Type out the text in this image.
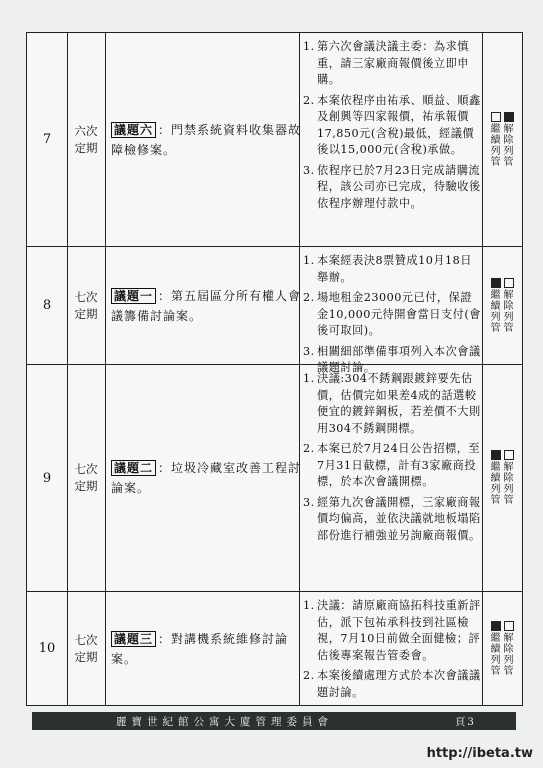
7
六次
定期
議題六 ：門禁系統資料收集器故障檢修案。
1. 第六次會議決議主委：為求慎重，請三家廠商報價後立即申購。
2. 本案依程序由祐承、順益、順鑫及創興等四家報價，祐承報價17,850元(含稅)最低，經議價後以15,000元(含稅)承做。
3. 依程序已於7月23日完成請購流程，該公司亦已完成，待驗收後依程序辦理付款中。
繼
續
列
管
解
除
列
管
8
七次
定期
議題一 ：第五屆區分所有權人會議籌備討論案。
1. 本案經表決8票贊成10月18日舉辦。
2. 場地租金23000元已付，保證金10,000元待開會當日支付(會後可取回)。
3. 相關細部準備事項列入本次會議議題討論。
繼
續
列
管
解
除
列
管
9
七次
定期
議題二 ：垃圾冷藏室改善工程討論案。
1. 決議:304不銹鋼跟鍍鋅要先估價，估價完如果差4成的話選較便宜的鍍鋅鋼板，若差價不大則用304不銹鋼開標。
2. 本案已於7月24日公告招標，至7月31日截標，計有3家廠商投標，於本次會議開標。
3. 經第九次會議開標，三家廠商報價均偏高，並依決議就地板塌陷部份進行補強並另詢廠商報價。
繼
續
列
管
解
除
列
管
10
七次
定期
議題三 ：對講機系統維修討論案。
1. 決議：請原廠商協拓科技重新評估，派下包祐承科技到社區檢視，7月10日前做全面健檢；評估後專案報告管委會。
2. 本案後續處理方式於本次會議議題討論。
繼
續
列
管
解
除
列
管
麗寶世紀館公寓大廈管理委員會	頁3
http://ibeta.tw
